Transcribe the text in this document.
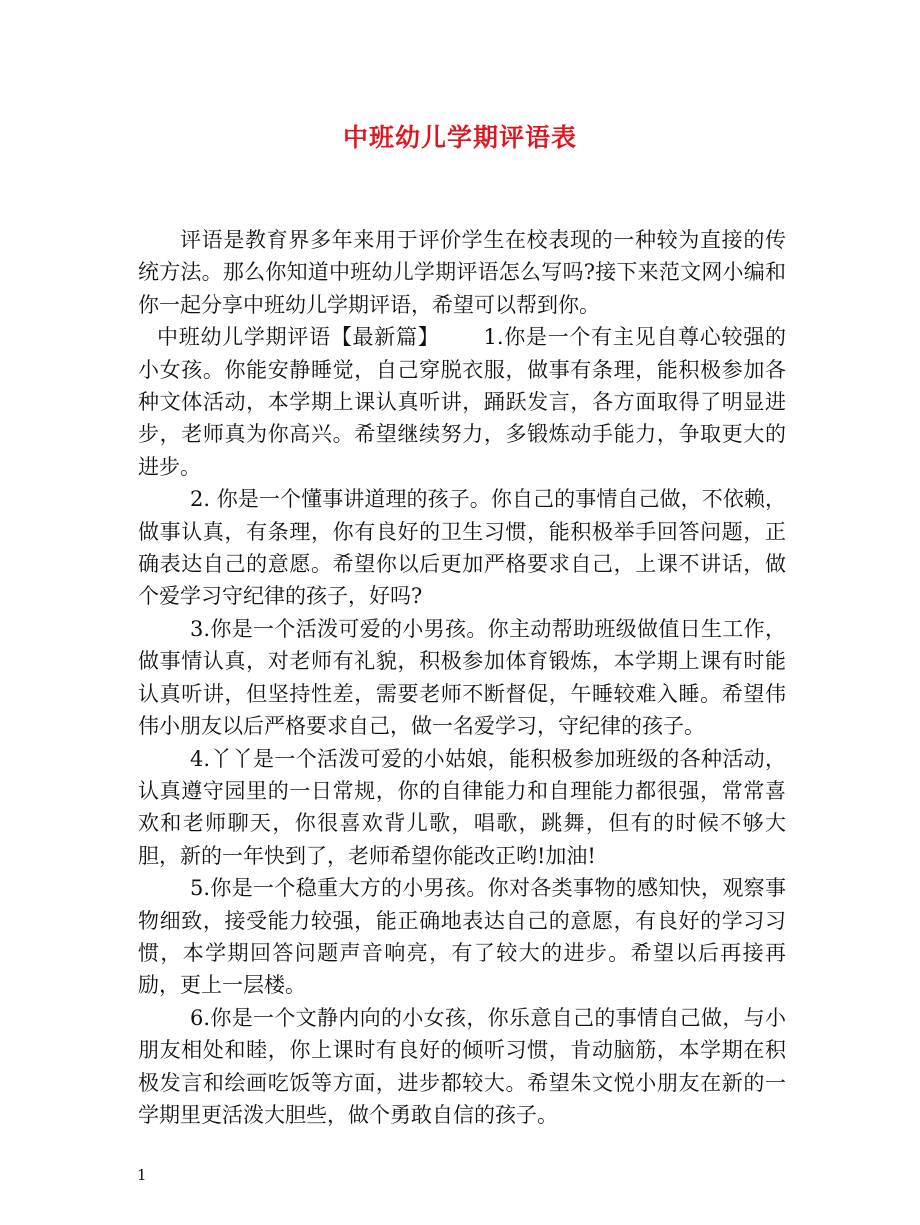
中班幼儿学期评语表

评语是教育界多年来用于评价学生在校表现的一种较为直接的传统方法。那么你知道中班幼儿学期评语怎么写吗?接下来范文网小编和你一起分享中班幼儿学期评语，希望可以帮到你。

中班幼儿学期评语【最新篇】 1.你是一个有主见自尊心较强的小女孩。你能安静睡觉，自己穿脱衣服，做事有条理，能积极参加各种文体活动，本学期上课认真听讲，踊跃发言，各方面取得了明显进步，老师真为你高兴。希望继续努力，多锻炼动手能力，争取更大的进步。

2. 你是一个懂事讲道理的孩子。你自己的事情自己做，不依赖，做事认真，有条理，你有良好的卫生习惯，能积极举手回答问题，正确表达自己的意愿。希望你以后更加严格要求自己，上课不讲话，做个爱学习守纪律的孩子，好吗?

3.你是一个活泼可爱的小男孩。你主动帮助班级做值日生工作，做事情认真，对老师有礼貌，积极参加体育锻炼，本学期上课有时能认真听讲，但坚持性差，需要老师不断督促，午睡较难入睡。希望伟伟小朋友以后严格要求自己，做一名爱学习，守纪律的孩子。

4.丫丫是一个活泼可爱的小姑娘，能积极参加班级的各种活动，认真遵守园里的一日常规，你的自律能力和自理能力都很强，常常喜欢和老师聊天，你很喜欢背儿歌，唱歌，跳舞，但有的时候不够大胆，新的一年快到了，老师希望你能改正哟!加油!

5.你是一个稳重大方的小男孩。你对各类事物的感知快，观察事物细致，接受能力较强，能正确地表达自己的意愿，有良好的学习习惯，本学期回答问题声音响亮，有了较大的进步。希望以后再接再励，更上一层楼。

6.你是一个文静内向的小女孩，你乐意自己的事情自己做，与小朋友相处和睦，你上课时有良好的倾听习惯，肯动脑筋，本学期在积极发言和绘画吃饭等方面，进步都较大。希望朱文悦小朋友在新的一学期里更活泼大胆些，做个勇敢自信的孩子。

1
